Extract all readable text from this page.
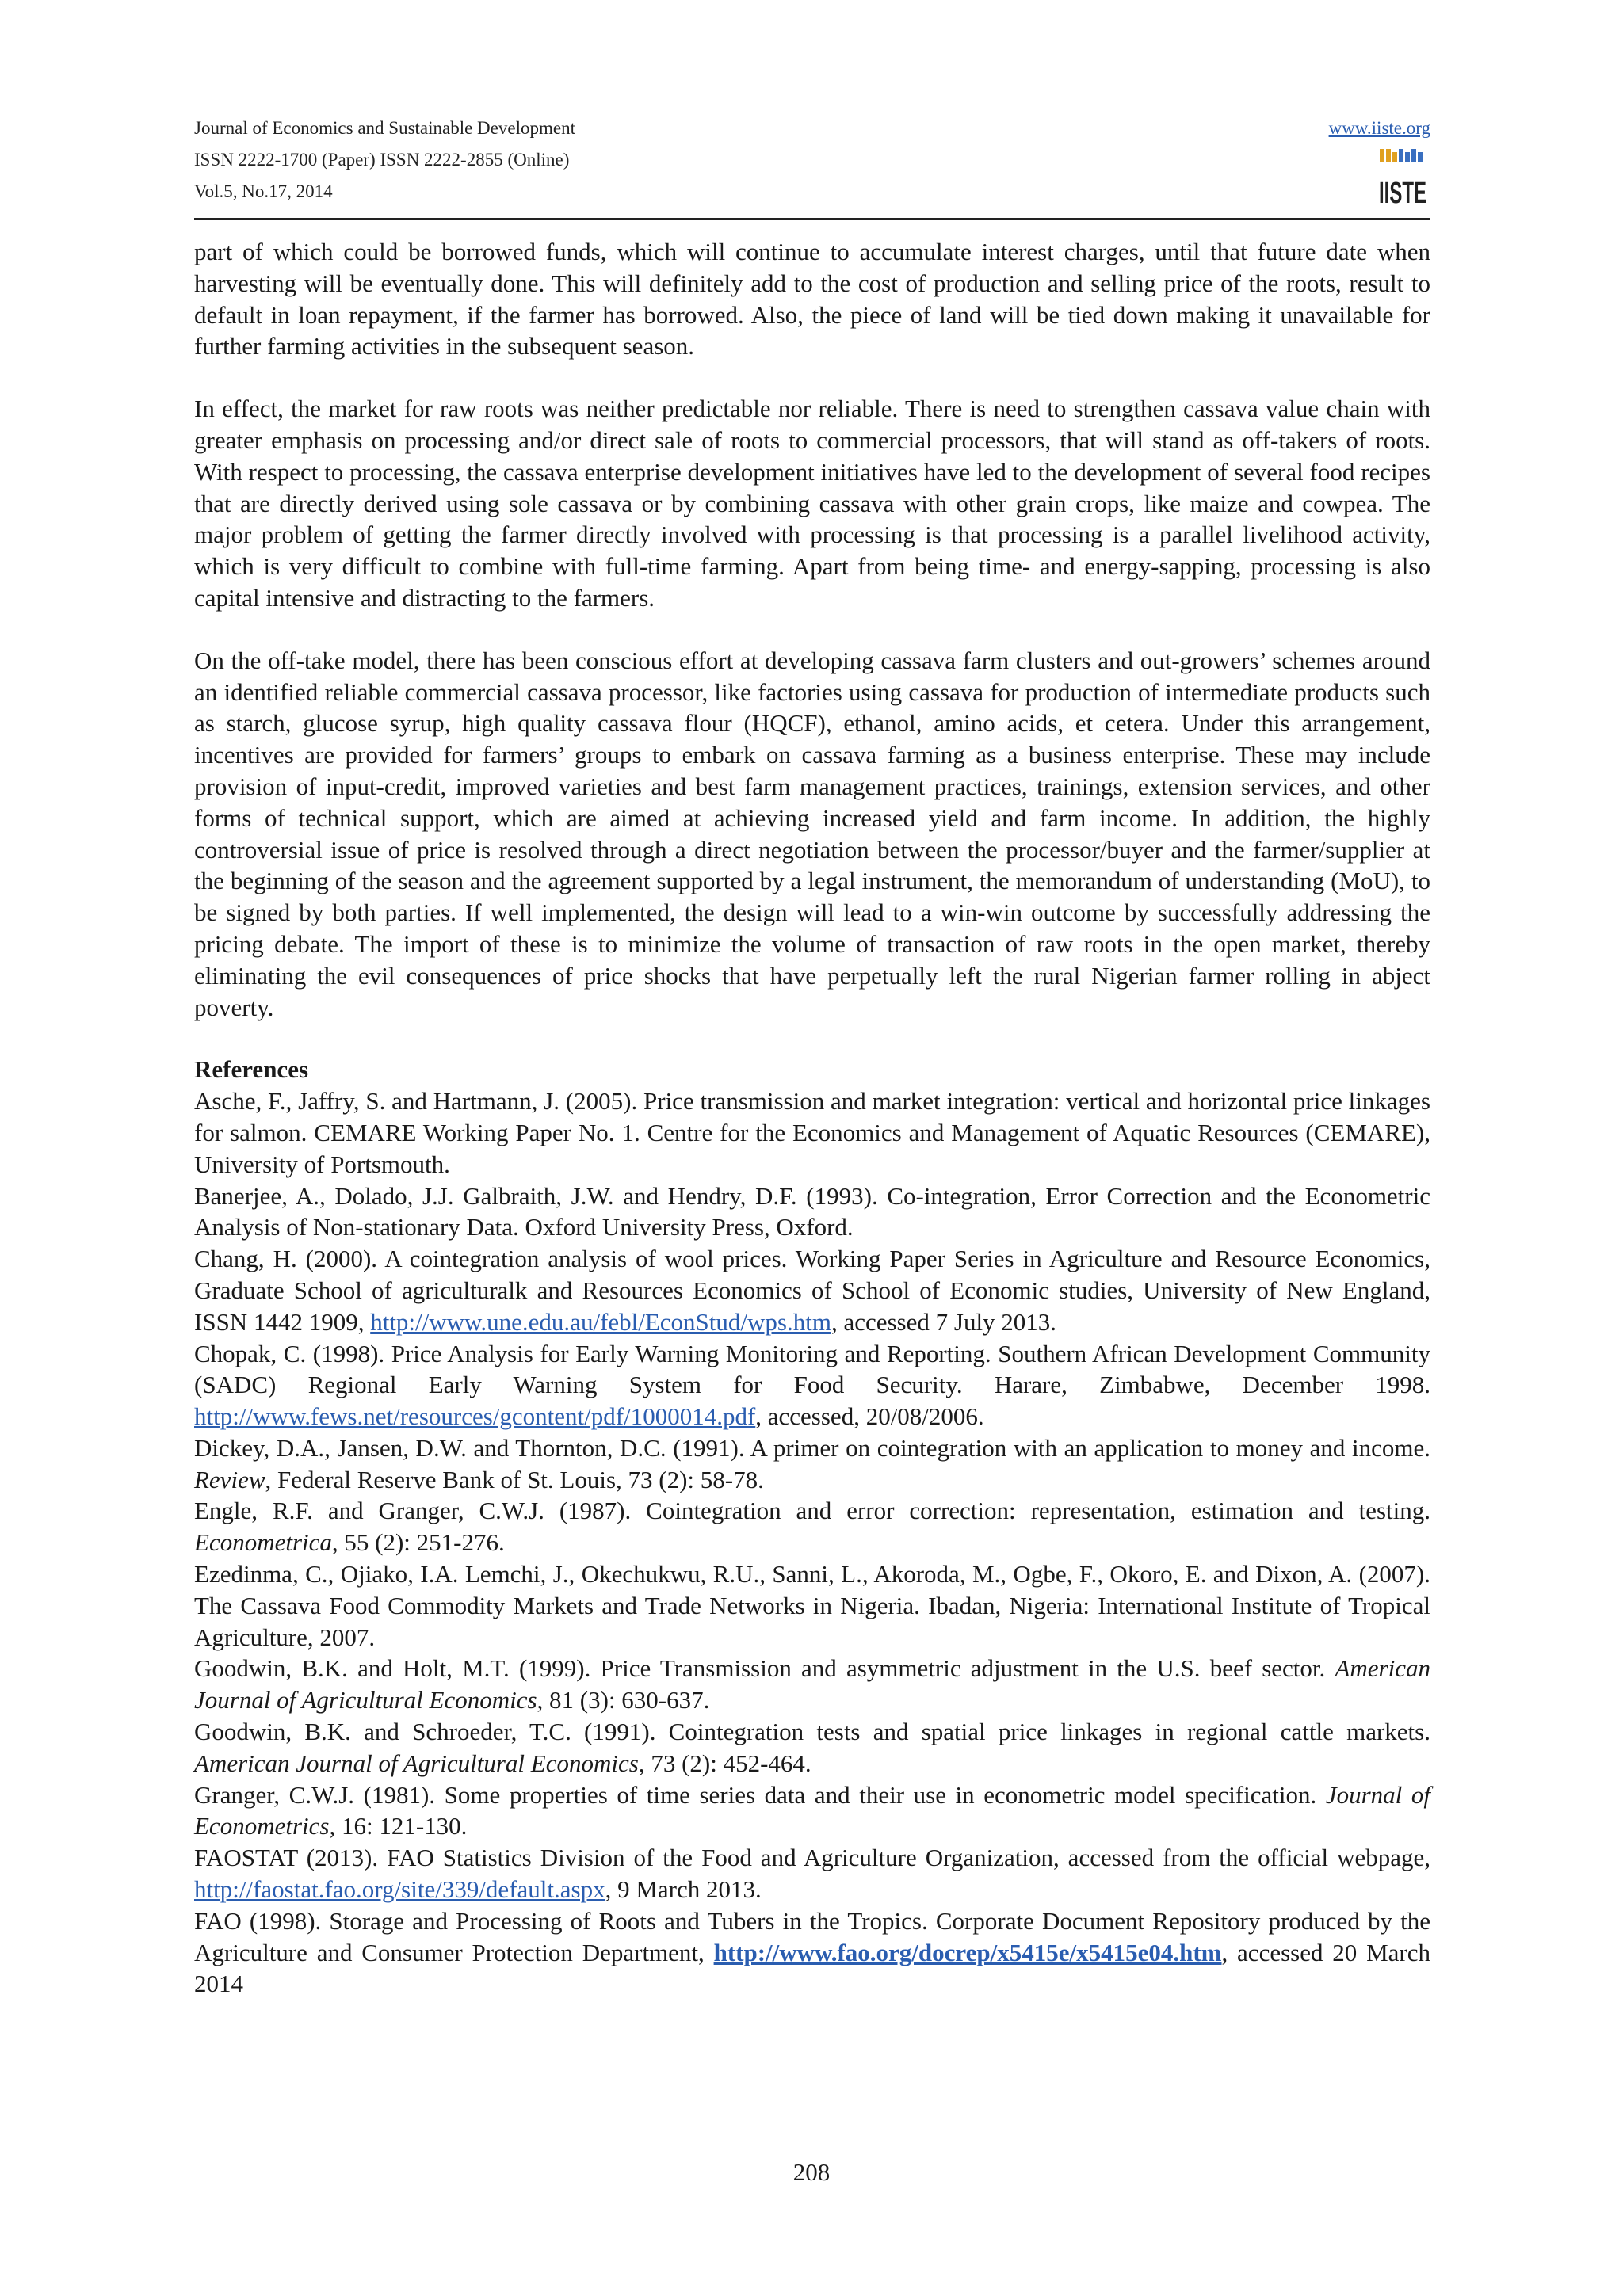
Journal of Economics and Sustainable Development
ISSN 2222-1700 (Paper) ISSN 2222-2855 (Online)
Vol.5, No.17, 2014
www.iiste.org
IISTE

part of which could be borrowed funds, which will continue to accumulate interest charges, until that future date when harvesting will be eventually done. This will definitely add to the cost of production and selling price of the roots, result to default in loan repayment, if the farmer has borrowed. Also, the piece of land will be tied down making it unavailable for further farming activities in the subsequent season.

In effect, the market for raw roots was neither predictable nor reliable. There is need to strengthen cassava value chain with greater emphasis on processing and/or direct sale of roots to commercial processors, that will stand as off-takers of roots. With respect to processing, the cassava enterprise development initiatives have led to the development of several food recipes that are directly derived using sole cassava or by combining cassava with other grain crops, like maize and cowpea. The major problem of getting the farmer directly involved with processing is that processing is a parallel livelihood activity, which is very difficult to combine with full-time farming. Apart from being time- and energy-sapping, processing is also capital intensive and distracting to the farmers.

On the off-take model, there has been conscious effort at developing cassava farm clusters and out-growers’ schemes around an identified reliable commercial cassava processor, like factories using cassava for production of intermediate products such as starch, glucose syrup, high quality cassava flour (HQCF), ethanol, amino acids, et cetera. Under this arrangement, incentives are provided for farmers’ groups to embark on cassava farming as a business enterprise. These may include provision of input-credit, improved varieties and best farm management practices, trainings, extension services, and other forms of technical support, which are aimed at achieving increased yield and farm income. In addition, the highly controversial issue of price is resolved through a direct negotiation between the processor/buyer and the farmer/supplier at the beginning of the season and the agreement supported by a legal instrument, the memorandum of understanding (MoU), to be signed by both parties. If well implemented, the design will lead to a win-win outcome by successfully addressing the pricing debate. The import of these is to minimize the volume of transaction of raw roots in the open market, thereby eliminating the evil consequences of price shocks that have perpetually left the rural Nigerian farmer rolling in abject poverty.

References
Asche, F., Jaffry, S. and Hartmann, J. (2005). Price transmission and market integration: vertical and horizontal price linkages for salmon. CEMARE Working Paper No. 1. Centre for the Economics and Management of Aquatic Resources (CEMARE), University of Portsmouth.
Banerjee, A., Dolado, J.J. Galbraith, J.W. and Hendry, D.F. (1993). Co-integration, Error Correction and the Econometric Analysis of Non-stationary Data. Oxford University Press, Oxford.
Chang, H. (2000). A cointegration analysis of wool prices. Working Paper Series in Agriculture and Resource Economics, Graduate School of agriculturalk and Resources Economics of School of Economic studies, University of New England, ISSN 1442 1909, http://www.une.edu.au/febl/EconStud/wps.htm, accessed 7 July 2013.
Chopak, C. (1998). Price Analysis for Early Warning Monitoring and Reporting. Southern African Development Community (SADC) Regional Early Warning System for Food Security. Harare, Zimbabwe, December 1998. http://www.fews.net/resources/gcontent/pdf/1000014.pdf, accessed, 20/08/2006.
Dickey, D.A., Jansen, D.W. and Thornton, D.C. (1991). A primer on cointegration with an application to money and income. Review, Federal Reserve Bank of St. Louis, 73 (2): 58-78.
Engle, R.F. and Granger, C.W.J. (1987). Cointegration and error correction: representation, estimation and testing. Econometrica, 55 (2): 251-276.
Ezedinma, C., Ojiako, I.A. Lemchi, J., Okechukwu, R.U., Sanni, L., Akoroda, M., Ogbe, F., Okoro, E. and Dixon, A. (2007). The Cassava Food Commodity Markets and Trade Networks in Nigeria. Ibadan, Nigeria: International Institute of Tropical Agriculture, 2007.
Goodwin, B.K. and Holt, M.T. (1999). Price Transmission and asymmetric adjustment in the U.S. beef sector. American Journal of Agricultural Economics, 81 (3): 630-637.
Goodwin, B.K. and Schroeder, T.C. (1991). Cointegration tests and spatial price linkages in regional cattle markets. American Journal of Agricultural Economics, 73 (2): 452-464.
Granger, C.W.J. (1981). Some properties of time series data and their use in econometric model specification. Journal of Econometrics, 16: 121-130.
FAOSTAT (2013). FAO Statistics Division of the Food and Agriculture Organization, accessed from the official webpage, http://faostat.fao.org/site/339/default.aspx, 9 March 2013.
FAO (1998). Storage and Processing of Roots and Tubers in the Tropics. Corporate Document Repository produced by the Agriculture and Consumer Protection Department, http://www.fao.org/docrep/x5415e/x5415e04.htm, accessed 20 March 2014
208
